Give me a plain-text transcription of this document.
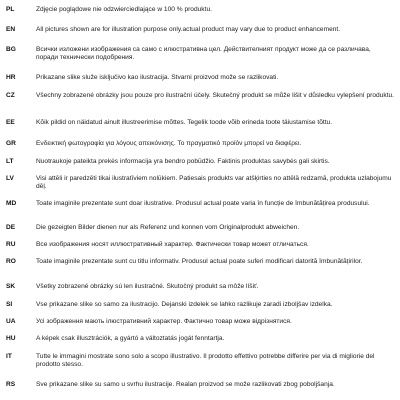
PL	Zdjęcie poglądowe nie odzwierciedlające w 100 % produktu.
EN	All pictures shown are for illustration purpose only.actual product may vary due to product enhancement.
BG	Всички изложени изображения са само с илюстративна цел. Действителният продукт може да се различава, поради технически подобрения.
HR	Prikazane slike služe isključivo kao ilustracija. Stvarni proizvod može se razlikovati.
CZ	Všechny zobrazené obrázky jsou pouze pro ilustrační účely. Skutečný produkt se může lišit v důsledku vylepšení produktu.
EE	Kõik pildid on näidatud ainult illustreerimise mõttes. Tegelik toode võib erineda toote täiustamise tõttu.
GR	Ενδεικτική φωτογραφία για λόγους απεικόνισης. Το πραγματικό προϊόν μπορεί να διαφέρει.
LT	Nuotraukoje pateikta prekės informacija yra bendro pobūdžio. Faktinis produktas savybės gali skirtis.
LV	Visi attēli ir paredzēti tikai ilustratīviem nolūkiem. Patiesais produkts var atšķirties no attēlā redzamā, produkta uzlabojumu dēļ.
MD	Toate imaginile prezentate sunt doar ilustrative. Produsul actual poate varia în funcție de îmbunătățirea produsului.
DE	Die gezeigten Bilder dienen nur als Referenz und konnen vom Originalprodukt abweichen.
RU	Все изображения носят иллюстративный характер. Фактически товар может отличаться.
RO	Toate imaginile prezentate sunt cu titlu informativ. Produsul actual poate suferi modificari datorită îmbunătățirilor.
SK	Všetky zobrazené obrázky sú len ilustračné. Skutočný produkt sa môže líšiť.
SI	Vse prikazane slike so samo za ilustracijo. Dejanski izdelek se lahko razlikuje zaradi izboljšav izdelka.
UA	Усі зображення мають ілюстративний характер. Фактично товар може відрізнятися.
HU	A képek csak illusztrációk, a gyártó a változtatás jogát fenntartja.
IT	Tutte le immagini mostrate sono solo a scopo illustrativo. Il prodotto effettivo potrebbe differire per via di migliorie del prodotto stesso.
RS	Sve prikazane slike su samo u svrhu ilustracije. Realan proizvod se može razlikovati zbog poboljšanja.
